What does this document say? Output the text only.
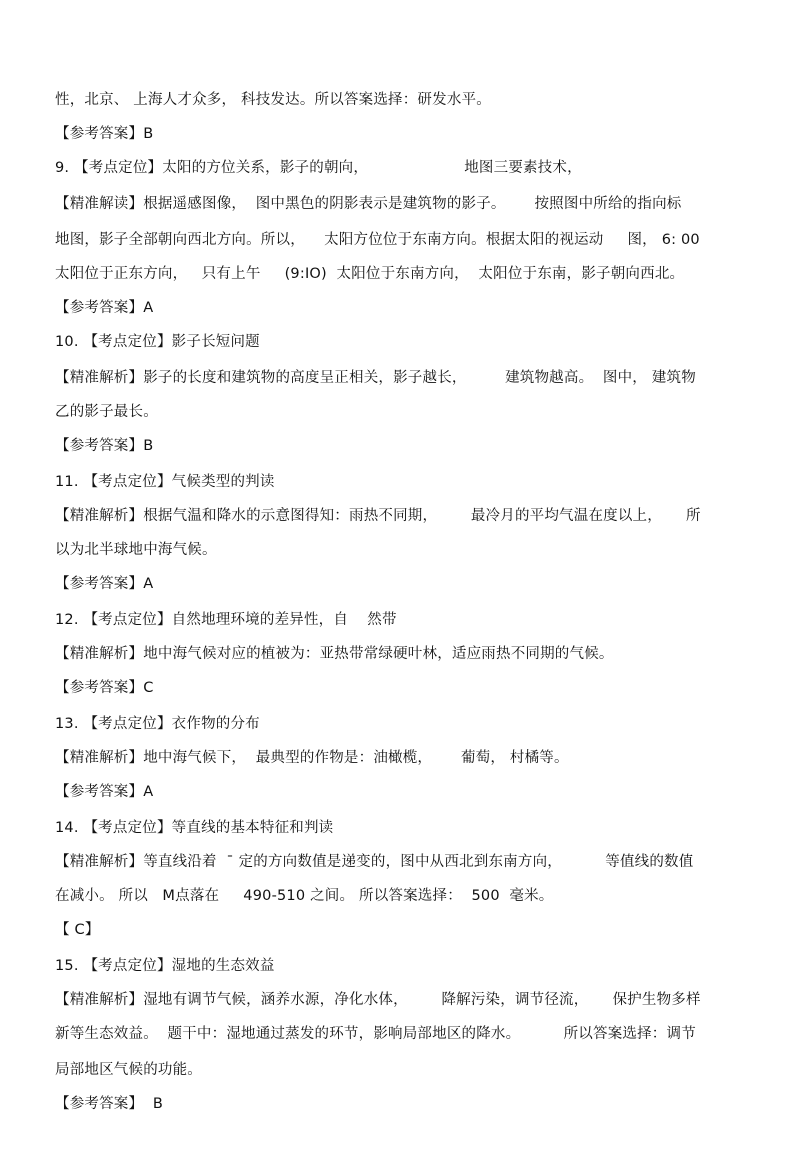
性，北京、 上海人才众多， 科技发达。所以答案选择：研发水平。
【参考答案】B
9. 【考点定位】太阳的方位关系，影子的朝向，                    地图三要素技术，
【精准解读】根据遥感图像，  图中黑色的阴影表示是建筑物的影子。      按照图中所给的指向标
地图，影子全部朝向西北方向。所以，    太阳方位位于东南方向。根据太阳的视运动     图， 6: 00
太阳位于正东方向，   只有上午     (9:IO)  太阳位于东南方向，  太阳位于东南，影子朝向西北。
【参考答案】A
10. 【考点定位】影子长短问题
【精准解析】影子的长度和建筑物的高度呈正相关，影子越长，        建筑物越高。  图中， 建筑物
乙的影子最长。
【参考答案】B
11. 【考点定位】气候类型的判读
【精准解析】根据气温和降水的示意图得知：雨热不同期，       最冷月的平均气温在度以上，     所
以为北半球地中海气候。
【参考答案】A
12. 【考点定位】自然地理环境的差异性，自    然带
【精准解析】地中海气候对应的植被为：亚热带常绿硬叶林，适应雨热不同期的气候。
【参考答案】C
13. 【考点定位】衣作物的分布
【精准解析】地中海气候下，  最典型的作物是：油橄榄，      葡萄， 村橘等。
【参考答案】A
14. 【考点定位】等直线的基本特征和判读
【精准解析】等直线沿着  ¯ 定的方向数值是递变的，图中从西北到东南方向，         等值线的数值
在减小。 所以   M点落在     490-510 之间。 所以答案选择：  500  毫米。
【 C】
15. 【考点定位】湿地的生态效益
【精准解析】湿地有调节气候，涵养水源，净化水体，       降解污染，调节径流，     保护生物多样
新等生态效益。  题干中：湿地通过蒸发的环节，影响局部地区的降水。         所以答案选择：调节
局部地区气候的功能。
【参考答案】  B
